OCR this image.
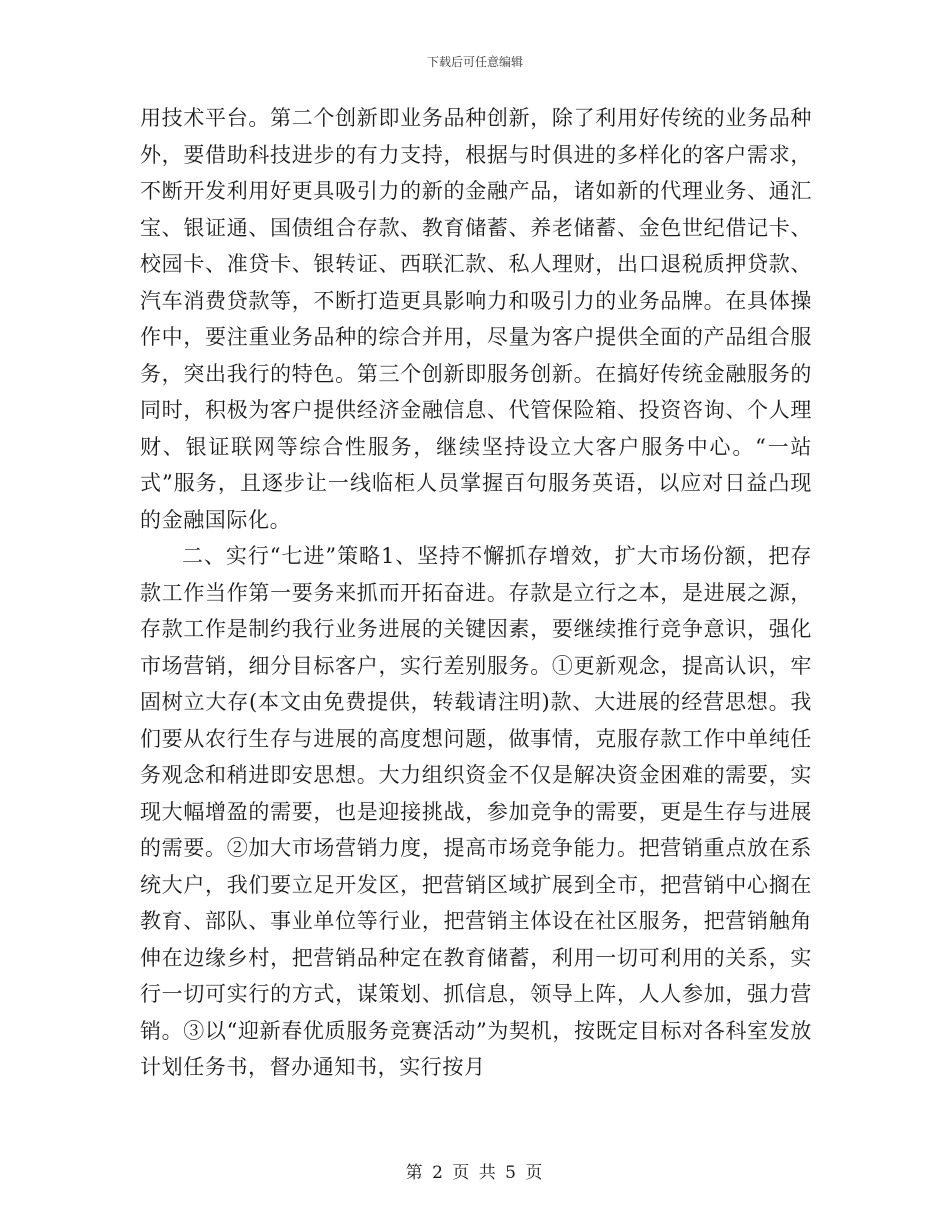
下载后可任意编辑

用技术平台。第二个创新即业务品种创新，除了利用好传统的业务品种外，要借助科技进步的有力支持，根据与时俱进的多样化的客户需求，不断开发利用好更具吸引力的新的金融产品，诸如新的代理业务、通汇宝、银证通、国债组合存款、教育储蓄、养老储蓄、金色世纪借记卡、校园卡、准贷卡、银转证、西联汇款、私人理财，出口退税质押贷款、汽车消费贷款等，不断打造更具影响力和吸引力的业务品牌。在具体操作中，要注重业务品种的综合并用，尽量为客户提供全面的产品组合服务，突出我行的特色。第三个创新即服务创新。在搞好传统金融服务的同时，积极为客户提供经济金融信息、代管保险箱、投资咨询、个人理财、银证联网等综合性服务，继续坚持设立大客户服务中心。“一站式”服务，且逐步让一线临柜人员掌握百句服务英语，以应对日益凸现的金融国际化。

二、实行“七进”策略1、坚持不懈抓存增效，扩大市场份额，把存款工作当作第一要务来抓而开拓奋进。存款是立行之本，是进展之源，存款工作是制约我行业务进展的关键因素，要继续推行竞争意识，强化市场营销，细分目标客户，实行差别服务。①更新观念，提高认识，牢固树立大存(本文由免费提供，转载请注明)款、大进展的经营思想。我们要从农行生存与进展的高度想问题，做事情，克服存款工作中单纯任务观念和稍进即安思想。大力组织资金不仅是解决资金困难的需要，实现大幅增盈的需要，也是迎接挑战，参加竞争的需要，更是生存与进展的需要。②加大市场营销力度，提高市场竞争能力。把营销重点放在系统大户，我们要立足开发区，把营销区域扩展到全市，把营销中心搁在教育、部队、事业单位等行业，把营销主体设在社区服务，把营销触角伸在边缘乡村，把营销品种定在教育储蓄，利用一切可利用的关系，实行一切可实行的方式，谋策划、抓信息，领导上阵，人人参加，强力营销。③以“迎新春优质服务竞赛活动”为契机，按既定目标对各科室发放计划任务书，督办通知书，实行按月

第 2 页 共 5 页
